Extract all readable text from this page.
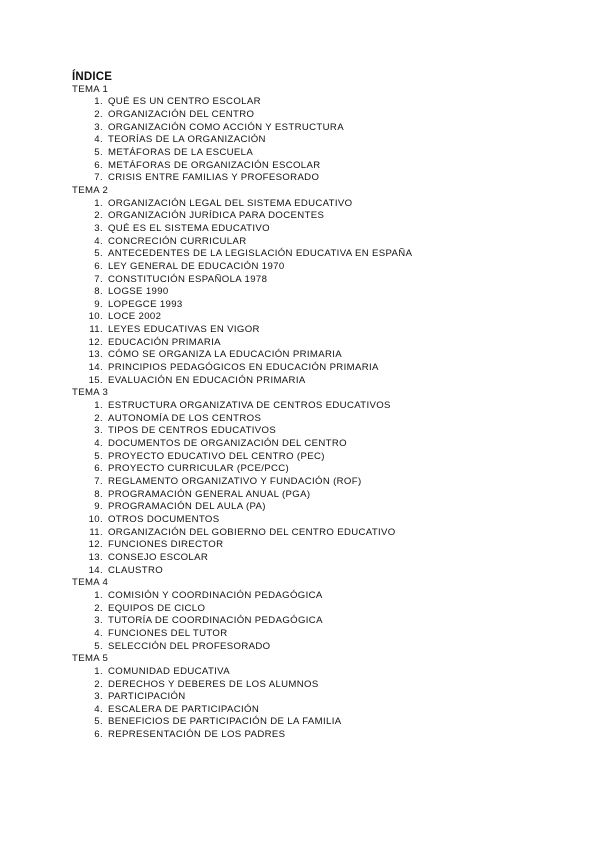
ÍNDICE
TEMA 1
1. QUÉ ES UN CENTRO ESCOLAR
2. ORGANIZACIÓN DEL CENTRO
3. ORGANIZACIÓN COMO ACCIÓN Y ESTRUCTURA
4. TEORÍAS DE LA ORGANIZACIÓN
5. METÁFORAS DE LA ESCUELA
6. METÁFORAS DE ORGANIZACIÓN ESCOLAR
7. CRISIS ENTRE FAMILIAS Y PROFESORADO
TEMA 2
1. ORGANIZACIÓN LEGAL DEL SISTEMA EDUCATIVO
2. ORGANIZACIÓN JURÍDICA PARA DOCENTES
3. QUÉ ES EL SISTEMA EDUCATIVO
4. CONCRECIÓN CURRICULAR
5. ANTECEDENTES DE LA LEGISLACIÓN EDUCATIVA EN ESPAÑA
6. LEY GENERAL DE EDUCACIÓN 1970
7. CONSTITUCIÓN ESPAÑOLA 1978
8. LOGSE 1990
9. LOPEGCE 1993
10. LOCE 2002
11. LEYES EDUCATIVAS EN VIGOR
12. EDUCACIÓN PRIMARIA
13. CÓMO SE ORGANIZA LA EDUCACIÓN PRIMARIA
14. PRINCIPIOS PEDAGÓGICOS EN EDUCACIÓN PRIMARIA
15. EVALUACIÓN EN EDUCACIÓN PRIMARIA
TEMA 3
1. ESTRUCTURA ORGANIZATIVA DE CENTROS EDUCATIVOS
2. AUTONOMÍA DE LOS CENTROS
3. TIPOS DE CENTROS EDUCATIVOS
4. DOCUMENTOS DE ORGANIZACIÓN DEL CENTRO
5. PROYECTO EDUCATIVO DEL CENTRO (PEC)
6. PROYECTO CURRICULAR (PCE/PCC)
7. REGLAMENTO ORGANIZATIVO Y FUNDACIÓN (ROF)
8. PROGRAMACIÓN GENERAL ANUAL (PGA)
9. PROGRAMACIÓN DEL AULA (PA)
10. OTROS DOCUMENTOS
11. ORGANIZACIÓN DEL GOBIERNO DEL CENTRO EDUCATIVO
12. FUNCIONES DIRECTOR
13. CONSEJO ESCOLAR
14. CLAUSTRO
TEMA 4
1. COMISIÓN Y COORDINACIÓN PEDAGÓGICA
2. EQUIPOS DE CICLO
3. TUTORÍA DE COORDINACIÓN PEDAGÓGICA
4. FUNCIONES DEL TUTOR
5. SELECCIÓN DEL PROFESORADO
TEMA 5
1. COMUNIDAD EDUCATIVA
2. DERECHOS Y DEBERES DE LOS ALUMNOS
3. PARTICIPACIÓN
4. ESCALERA DE PARTICIPACIÓN
5. BENEFICIOS DE PARTICIPACIÓN DE LA FAMILIA
6. REPRESENTACIÓN DE LOS PADRES
